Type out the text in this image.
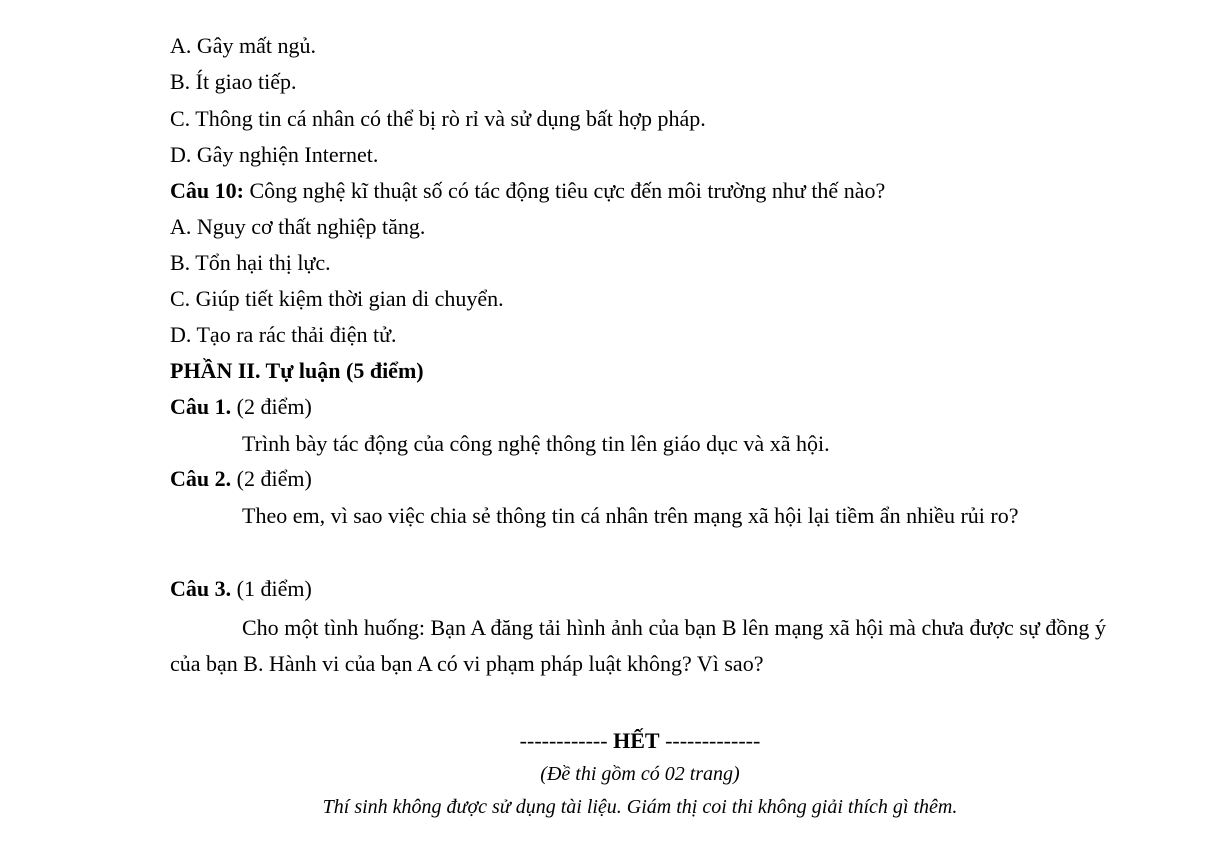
A. Gây mất ngủ.
B. Ít giao tiếp.
C. Thông tin cá nhân có thể bị rò rỉ và sử dụng bất hợp pháp.
D. Gây nghiện Internet.
Câu 10: Công nghệ kĩ thuật số có tác động tiêu cực đến môi trường như thế nào?
A. Nguy cơ thất nghiệp tăng.
B. Tổn hại thị lực.
C. Giúp tiết kiệm thời gian di chuyển.
D. Tạo ra rác thải điện tử.
PHẦN II. Tự luận (5 điểm)
Câu 1. (2 điểm)
Trình bày tác động của công nghệ thông tin lên giáo dục và xã hội.
Câu 2. (2 điểm)
Theo em, vì sao việc chia sẻ thông tin cá nhân trên mạng xã hội lại tiềm ẩn nhiều rủi ro?
Câu 3. (1 điểm)
Cho một tình huống: Bạn A đăng tải hình ảnh của bạn B lên mạng xã hội mà chưa được sự đồng ý của bạn B. Hành vi của bạn A có vi phạm pháp luật không? Vì sao?
------------ HẾT -------------
(Đề thi gồm có 02 trang)
Thí sinh không được sử dụng tài liệu. Giám thị coi thi không giải thích gì thêm.
